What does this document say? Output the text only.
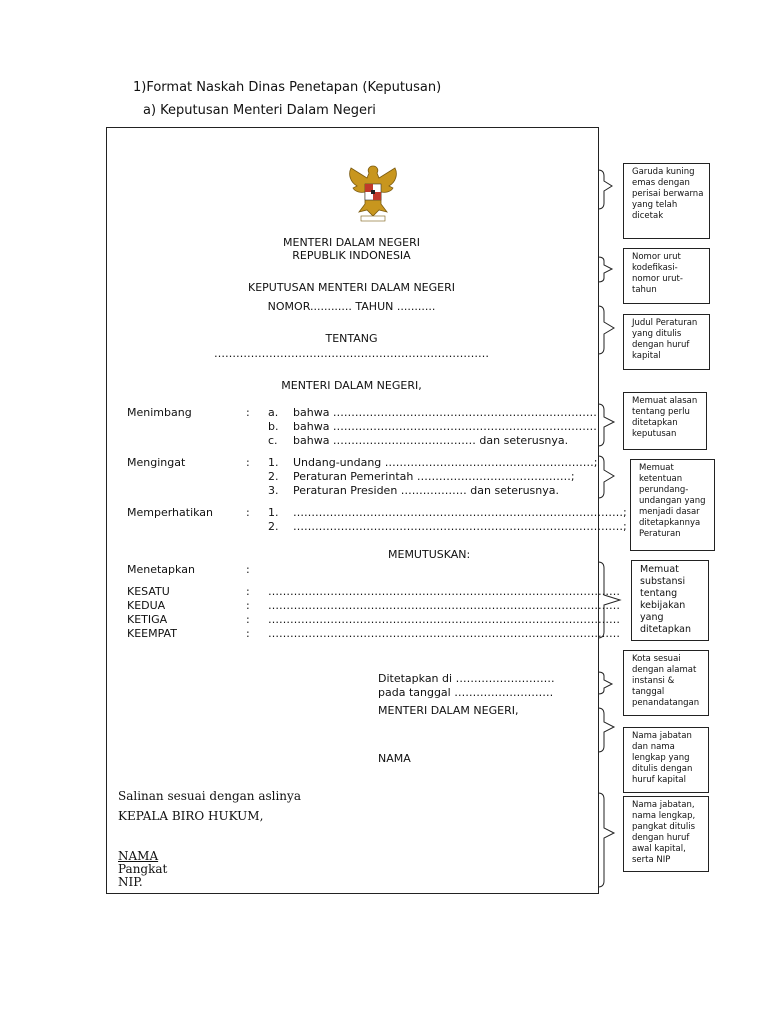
1)Format Naskah Dinas Penetapan (Keputusan)
a) Keputusan Menteri Dalam Negeri
MENTERI DALAM NEGERI
REPUBLIK INDONESIA
KEPUTUSAN MENTERI DALAM NEGERI
NOMOR............ TAHUN ...........
TENTANG
…………………………………………………………………
MENTERI DALAM NEGERI,
Menimbang	: a. bahwa ………………………………………………………………
b. bahwa ………………………………………………………………
c. bahwa ………………………………… dan seterusnya.
Mengingat	: 1. Undang-undang …………………………………………………;
2. Peraturan Pemerintah ……………………………………;
3. Peraturan Presiden ……………… dan seterusnya.
Memperhatikan	: 1. ………………………………………………………………………………;
2. ………………………………………………………………………………;
MEMUTUSKAN:
Menetapkan	:
KESATU	: ……………………………………………………………………………………
KEDUA	: ……………………………………………………………………………………
KETIGA	: ……………………………………………………………………………………
KEEMPAT	: ……………………………………………………………………………………
Ditetapkan di ………………………
pada tanggal ………………………
MENTERI DALAM NEGERI,
NAMA
Salinan sesuai dengan aslinya
KEPALA BIRO HUKUM,
NAMA
Pangkat
NIP.
Garuda kuning emas dengan perisai berwarna yang telah dicetak
Nomor urut kodefikasi-nomor urut-tahun
Judul Peraturan yang ditulis dengan huruf kapital
Memuat alasan tentang perlu ditetapkan keputusan
Memuat ketentuan perundang-undangan yang menjadi dasar ditetapkannya Peraturan
Memuat substansi tentang kebijakan yang ditetapkan
Kota sesuai dengan alamat instansi & tanggal penandatangan
Nama jabatan dan nama lengkap yang ditulis dengan huruf kapital
Nama jabatan, nama lengkap, pangkat ditulis dengan huruf awal kapital, serta NIP
